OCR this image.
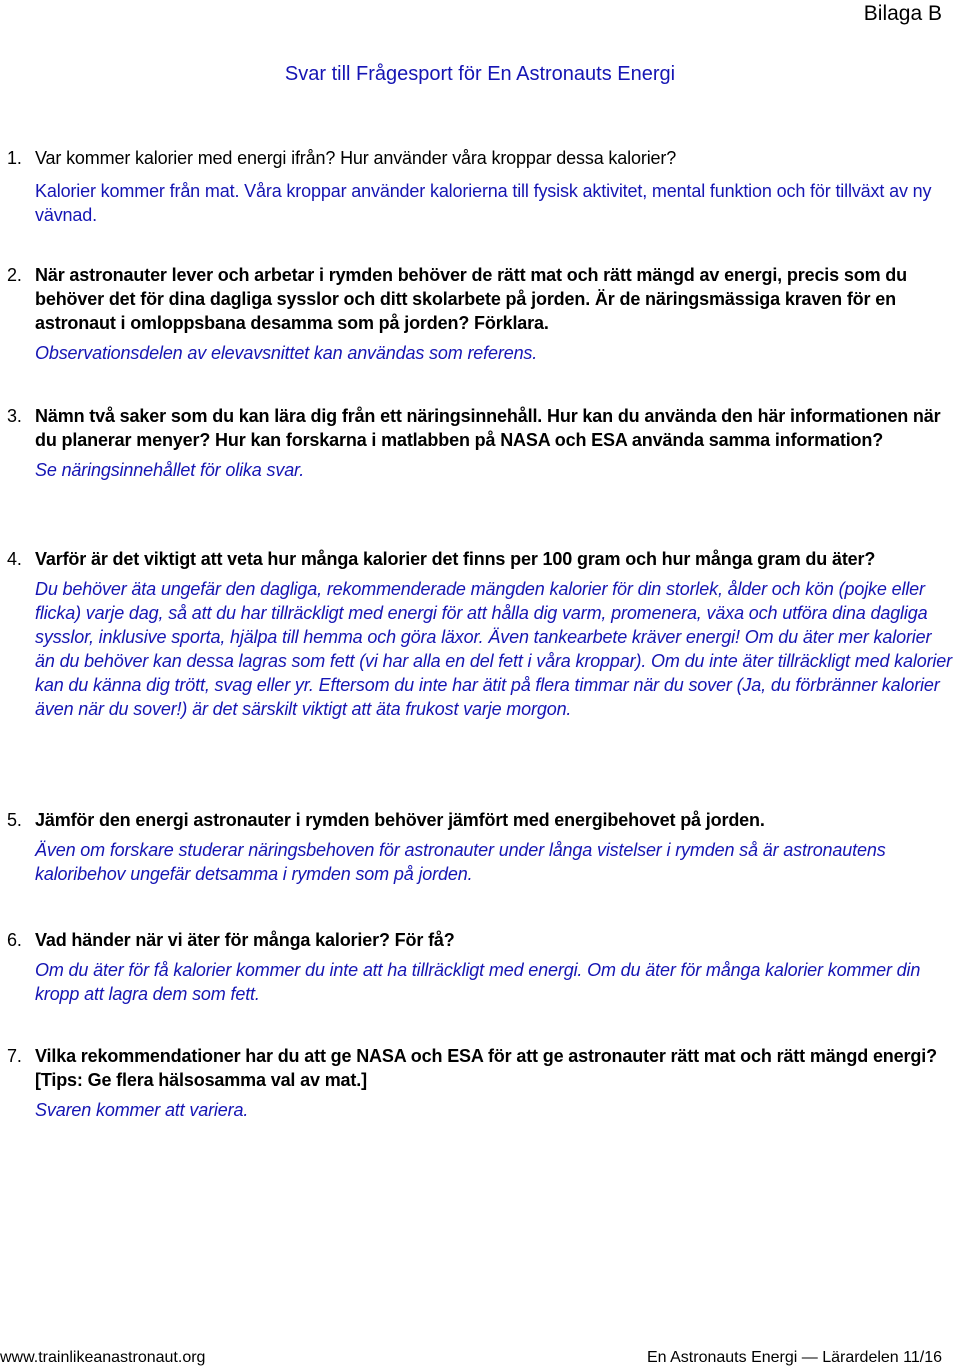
Bilaga B
Svar till Frågesport för En Astronauts Energi
1. Var kommer kalorier med energi ifrån? Hur använder våra kroppar dessa kalorier?
Kalorier kommer från mat. Våra kroppar använder kalorierna till fysisk aktivitet, mental funktion och för tillväxt av ny vävnad.
2. När astronauter lever och arbetar i rymden behöver de rätt mat och rätt mängd av energi, precis som du behöver det för dina dagliga sysslor och ditt skolarbete på jorden. Är de näringsmässiga kraven för en astronaut i omloppsbana desamma som på jorden? Förklara.
Observationsdelen av elevavsnittet kan användas som referens.
3. Nämn två saker som du kan lära dig från ett näringsinnehåll. Hur kan du använda den här informationen när du planerar menyer? Hur kan forskarna i matlabben på NASA och ESA använda samma information?
Se näringsinnehållet för olika svar.
4. Varför är det viktigt att veta hur många kalorier det finns per 100 gram och hur många gram du äter?
Du behöver äta ungefär den dagliga, rekommenderade mängden kalorier för din storlek, ålder och kön (pojke eller flicka) varje dag, så att du har tillräckligt med energi för att hålla dig varm, promenera, växa och utföra dina dagliga sysslor, inklusive sporta, hjälpa till hemma och göra läxor. Även tankearbete kräver energi! Om du äter mer kalorier än du behöver kan dessa lagras som fett (vi har alla en del fett i våra kroppar). Om du inte äter tillräckligt med kalorier kan du känna dig trött, svag eller yr. Eftersom du inte har ätit på flera timmar när du sover (Ja, du förbränner kalorier även när du sover!) är det särskilt viktigt att äta frukost varje morgon.
5. Jämför den energi astronauter i rymden behöver jämfört med energibehovet på jorden.
Även om forskare studerar näringsbehoven för astronauter under långa vistelser i rymden så är astronautens kaloribehov ungefär detsamma i rymden som på jorden.
6. Vad händer när vi äter för många kalorier? För få?
Om du äter för få kalorier kommer du inte att ha tillräckligt med energi. Om du äter för många kalorier kommer din kropp att lagra dem som fett.
7. Vilka rekommendationer har du att ge NASA och ESA för att ge astronauter rätt mat och rätt mängd energi? [Tips: Ge flera hälsosamma val av mat.]
Svaren kommer att variera.
www.trainlikeanastronaut.org	En Astronauts Energi — Lärardelen 11/16
